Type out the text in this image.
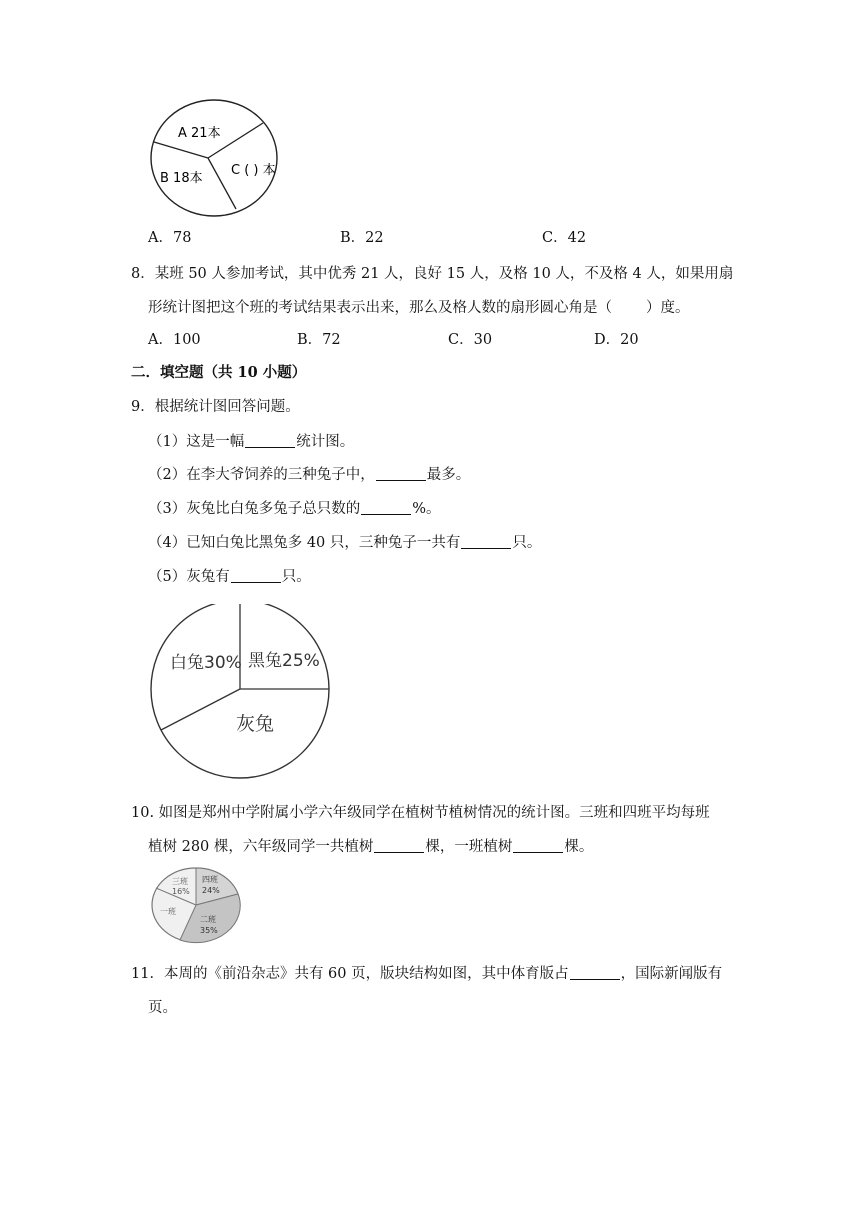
A 21本
B 18本
C ( ) 本
A．78	B．22	C．42
8．某班 50 人参加考试，其中优秀 21 人，良好 15 人，及格 10 人，不及格 4 人，如果用扇
形统计图把这个班的考试结果表示出来，那么及格人数的扇形圆心角是（ ）度。
A．100	B．72	C．30	D．20
二．填空题（共 10 小题）
9．根据统计图回答问题。
（1）这是一幅	统计图。
（2）在李大爷饲养的三种兔子中，	最多。
（3）灰兔比白兔多兔子总只数的	%。
（4）已知白兔比黑兔多 40 只，三种兔子一共有	只。
（5）灰兔有	只。
白兔30% 黑兔25%
灰兔
10. 如图是郑州中学附属小学六年级同学在植树节植树情况的统计图。三班和四班平均每班
植树 280 棵，六年级同学一共植树	棵，一班植树	棵。
三班
16%
四班
24%
一班
二班
35%
11．本周的《前沿杂志》共有 60 页，版块结构如图，其中体育版占	，国际新闻版有
页。
